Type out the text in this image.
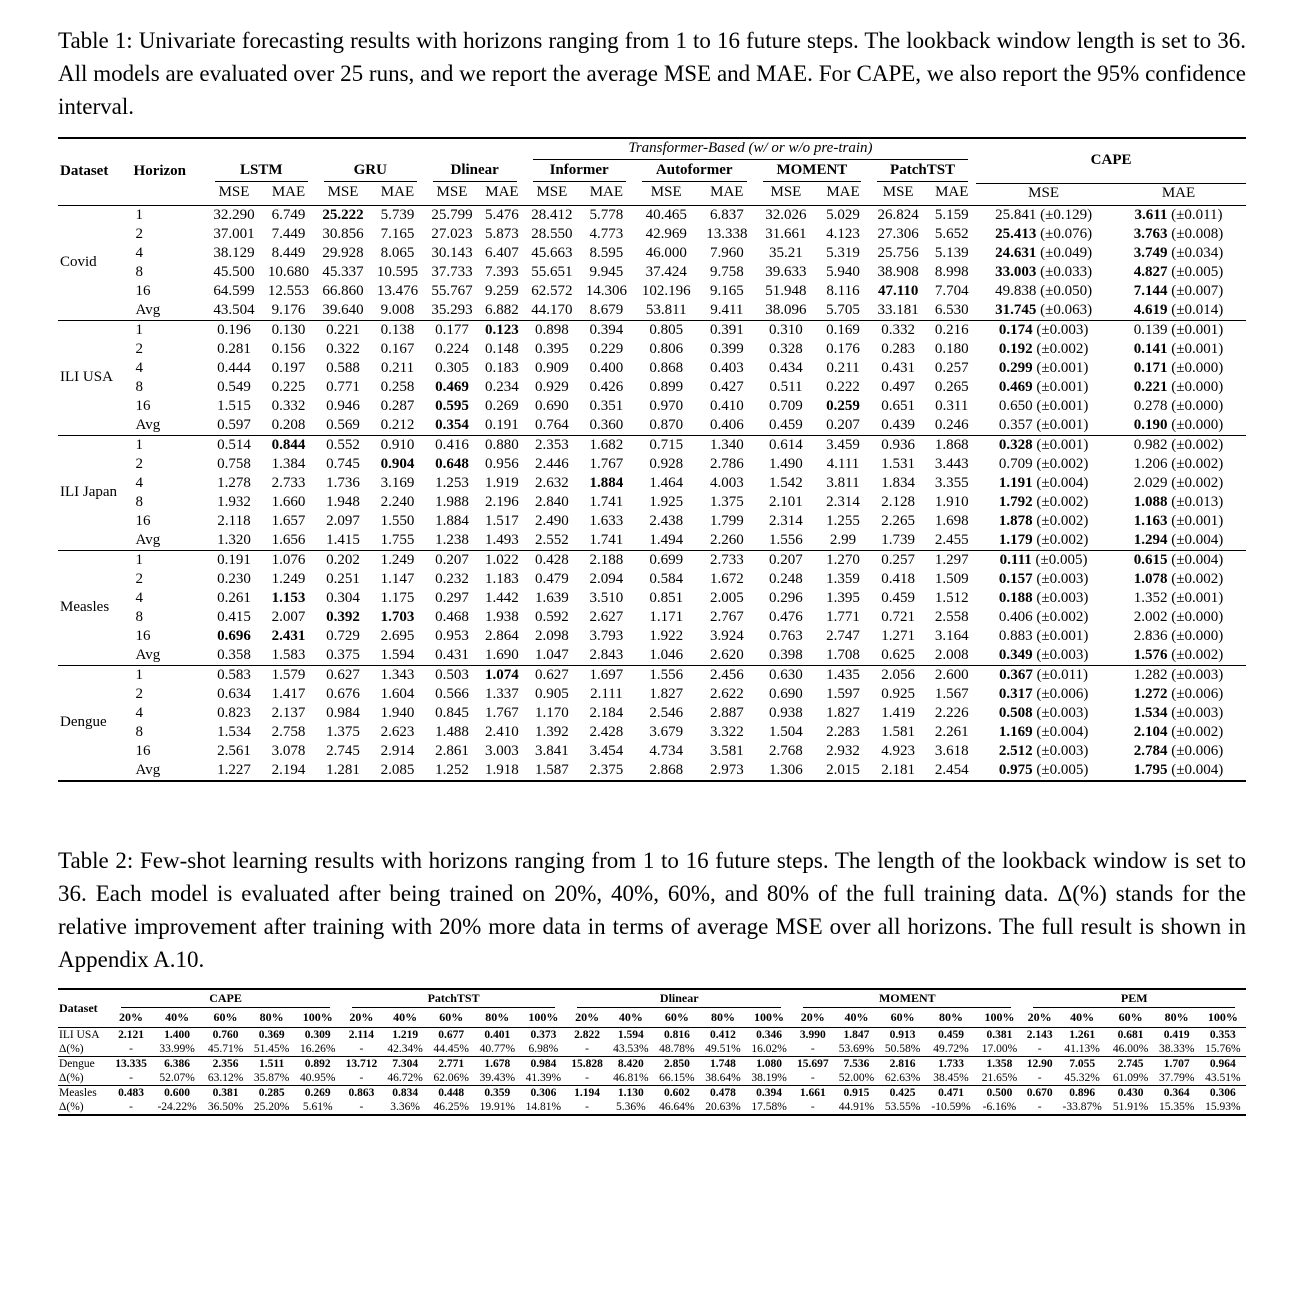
Table 1: Univariate forecasting results with horizons ranging from 1 to 16 future steps. The lookback window length is set to 36. All models are evaluated over 25 runs, and we report the average MSE and MAE. For CAPE, we also report the 95% confidence interval.

Dataset	Horizon							Transformer-Based (w/ or w/o pre-train)								CAPE	

		LSTM		GRU		Dlinear		Informer		Autoformer		MOMENT		PatchTST			

		MSE	MAE	MSE	MAE	MSE	MAE	MSE	MAE	MSE	MAE	MSE	MAE	MSE	MAE	MSE	MAE
Covid	1	32.290	6.749	25.222	5.739	25.799	5.476	28.412	5.778	40.465	6.837	32.026	5.029	26.824	5.159	25.841 (±0.129)	3.611 (±0.011)
	2	37.001	7.449	30.856	7.165	27.023	5.873	28.550	4.773	42.969	13.338	31.661	4.123	27.306	5.652	25.413 (±0.076)	3.763 (±0.008)
	4	38.129	8.449	29.928	8.065	30.143	6.407	45.663	8.595	46.000	7.960	35.21	5.319	25.756	5.139	24.631 (±0.049)	3.749 (±0.034)
	8	45.500	10.680	45.337	10.595	37.733	7.393	55.651	9.945	37.424	9.758	39.633	5.940	38.908	8.998	33.003 (±0.033)	4.827 (±0.005)
	16	64.599	12.553	66.860	13.476	55.767	9.259	62.572	14.306	102.196	9.165	51.948	8.116	47.110	7.704	49.838 (±0.050)	7.144 (±0.007)
	Avg	43.504	9.176	39.640	9.008	35.293	6.882	44.170	8.679	53.811	9.411	38.096	5.705	33.181	6.530	31.745 (±0.063)	4.619 (±0.014)
ILI USA	1	0.196	0.130	0.221	0.138	0.177	0.123	0.898	0.394	0.805	0.391	0.310	0.169	0.332	0.216	0.174 (±0.003)	0.139 (±0.001)
	2	0.281	0.156	0.322	0.167	0.224	0.148	0.395	0.229	0.806	0.399	0.328	0.176	0.283	0.180	0.192 (±0.002)	0.141 (±0.001)
	4	0.444	0.197	0.588	0.211	0.305	0.183	0.909	0.400	0.868	0.403	0.434	0.211	0.431	0.257	0.299 (±0.001)	0.171 (±0.000)
	8	0.549	0.225	0.771	0.258	0.469	0.234	0.929	0.426	0.899	0.427	0.511	0.222	0.497	0.265	0.469 (±0.001)	0.221 (±0.000)
	16	1.515	0.332	0.946	0.287	0.595	0.269	0.690	0.351	0.970	0.410	0.709	0.259	0.651	0.311	0.650 (±0.001)	0.278 (±0.000)
	Avg	0.597	0.208	0.569	0.212	0.354	0.191	0.764	0.360	0.870	0.406	0.459	0.207	0.439	0.246	0.357 (±0.001)	0.190 (±0.000)
ILI Japan	1	0.514	0.844	0.552	0.910	0.416	0.880	2.353	1.682	0.715	1.340	0.614	3.459	0.936	1.868	0.328 (±0.001)	0.982 (±0.002)
	2	0.758	1.384	0.745	0.904	0.648	0.956	2.446	1.767	0.928	2.786	1.490	4.111	1.531	3.443	0.709 (±0.002)	1.206 (±0.002)
	4	1.278	2.733	1.736	3.169	1.253	1.919	2.632	1.884	1.464	4.003	1.542	3.811	1.834	3.355	1.191 (±0.004)	2.029 (±0.002)
	8	1.932	1.660	1.948	2.240	1.988	2.196	2.840	1.741	1.925	1.375	2.101	2.314	2.128	1.910	1.792 (±0.002)	1.088 (±0.013)
	16	2.118	1.657	2.097	1.550	1.884	1.517	2.490	1.633	2.438	1.799	2.314	1.255	2.265	1.698	1.878 (±0.002)	1.163 (±0.001)
	Avg	1.320	1.656	1.415	1.755	1.238	1.493	2.552	1.741	1.494	2.260	1.556	2.99	1.739	2.455	1.179 (±0.002)	1.294 (±0.004)
Measles	1	0.191	1.076	0.202	1.249	0.207	1.022	0.428	2.188	0.699	2.733	0.207	1.270	0.257	1.297	0.111 (±0.005)	0.615 (±0.004)
	2	0.230	1.249	0.251	1.147	0.232	1.183	0.479	2.094	0.584	1.672	0.248	1.359	0.418	1.509	0.157 (±0.003)	1.078 (±0.002)
	4	0.261	1.153	0.304	1.175	0.297	1.442	1.639	3.510	0.851	2.005	0.296	1.395	0.459	1.512	0.188 (±0.003)	1.352 (±0.001)
	8	0.415	2.007	0.392	1.703	0.468	1.938	0.592	2.627	1.171	2.767	0.476	1.771	0.721	2.558	0.406 (±0.002)	2.002 (±0.000)
	16	0.696	2.431	0.729	2.695	0.953	2.864	2.098	3.793	1.922	3.924	0.763	2.747	1.271	3.164	0.883 (±0.001)	2.836 (±0.000)
	Avg	0.358	1.583	0.375	1.594	0.431	1.690	1.047	2.843	1.046	2.620	0.398	1.708	0.625	2.008	0.349 (±0.003)	1.576 (±0.002)
Dengue	1	0.583	1.579	0.627	1.343	0.503	1.074	0.627	1.697	1.556	2.456	0.630	1.435	2.056	2.600	0.367 (±0.011)	1.282 (±0.003)
	2	0.634	1.417	0.676	1.604	0.566	1.337	0.905	2.111	1.827	2.622	0.690	1.597	0.925	1.567	0.317 (±0.006)	1.272 (±0.006)
	4	0.823	2.137	0.984	1.940	0.845	1.767	1.170	2.184	2.546	2.887	0.938	1.827	1.419	2.226	0.508 (±0.003)	1.534 (±0.003)
	8	1.534	2.758	1.375	2.623	1.488	2.410	1.392	2.428	3.679	3.322	1.504	2.283	1.581	2.261	1.169 (±0.004)	2.104 (±0.002)
	16	2.561	3.078	2.745	2.914	2.861	3.003	3.841	3.454	4.734	3.581	2.768	2.932	4.923	3.618	2.512 (±0.003)	2.784 (±0.006)
	Avg	1.227	2.194	1.281	2.085	1.252	1.918	1.587	2.375	2.868	2.973	1.306	2.015	2.181	2.454	0.975 (±0.005)	1.795 (±0.004)

Table 2: Few-shot learning results with horizons ranging from 1 to 16 future steps. The length of the lookback window is set to 36. Each model is evaluated after being trained on 20%, 40%, 60%, and 80% of the full training data. Δ(%) stands for the relative improvement after training with 20% more data in terms of average MSE over all horizons. The full result is shown in Appendix A.10.

Dataset	CAPE					PatchTST					Dlinear					MOMENT					PEM				

	20%	40%	60%	80%	100%	20%	40%	60%	80%	100%	20%	40%	60%	80%	100%	20%	40%	60%	80%	100%	20%	40%	60%	80%	100%
ILI USA	2.121	1.400	0.760	0.369	0.309	2.114	1.219	0.677	0.401	0.373	2.822	1.594	0.816	0.412	0.346	3.990	1.847	0.913	0.459	0.381	2.143	1.261	0.681	0.419	0.353
Δ(%)	-	33.99%	45.71%	51.45%	16.26%	-	42.34%	44.45%	40.77%	6.98%	-	43.53%	48.78%	49.51%	16.02%	-	53.69%	50.58%	49.72%	17.00%	-	41.13%	46.00%	38.33%	15.76%
Dengue	13.335	6.386	2.356	1.511	0.892	13.712	7.304	2.771	1.678	0.984	15.828	8.420	2.850	1.748	1.080	15.697	7.536	2.816	1.733	1.358	12.90	7.055	2.745	1.707	0.964
Δ(%)	-	52.07%	63.12%	35.87%	40.95%	-	46.72%	62.06%	39.43%	41.39%	-	46.81%	66.15%	38.64%	38.19%	-	52.00%	62.63%	38.45%	21.65%	-	45.32%	61.09%	37.79%	43.51%
Measles	0.483	0.600	0.381	0.285	0.269	0.863	0.834	0.448	0.359	0.306	1.194	1.130	0.602	0.478	0.394	1.661	0.915	0.425	0.471	0.500	0.670	0.896	0.430	0.364	0.306
Δ(%)	-	-24.22%	36.50%	25.20%	5.61%	-	3.36%	46.25%	19.91%	14.81%	-	5.36%	46.64%	20.63%	17.58%	-	44.91%	53.55%	-10.59%	-6.16%	-	-33.87%	51.91%	15.35%	15.93%
